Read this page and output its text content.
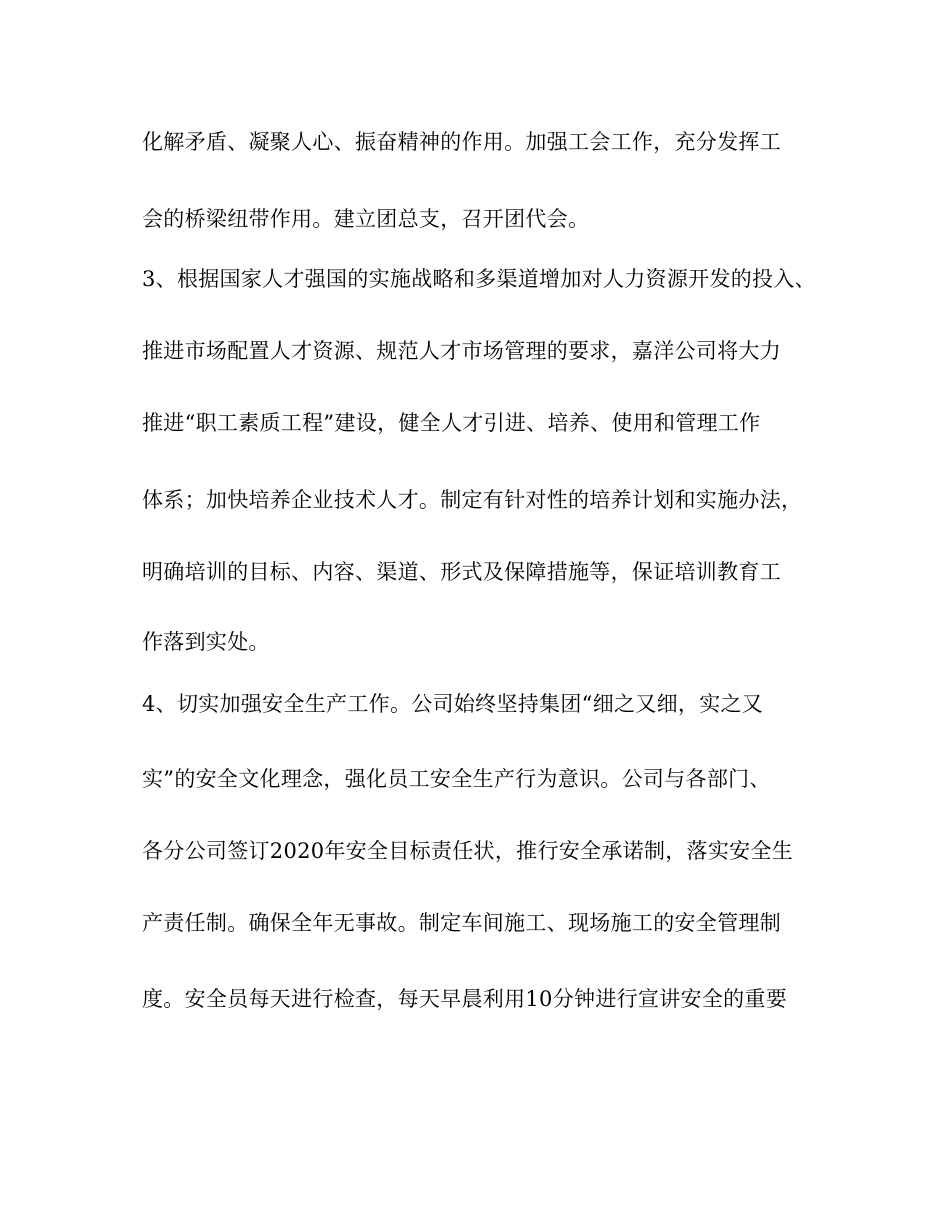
化解矛盾、凝聚人心、振奋精神的作用。加强工会工作，充分发挥工
会的桥梁纽带作用。建立团总支，召开团代会。
3、根据国家人才强国的实施战略和多渠道增加对人力资源开发的投入、
推进市场配置人才资源、规范人才市场管理的要求，嘉洋公司将大力
推进“职工素质工程”建设，健全人才引进、培养、使用和管理工作
体系；加快培养企业技术人才。制定有针对性的培养计划和实施办法，
明确培训的目标、内容、渠道、形式及保障措施等，保证培训教育工
作落到实处。
4、切实加强安全生产工作。公司始终坚持集团“细之又细，实之又
实”的安全文化理念，强化员工安全生产行为意识。公司与各部门、
各分公司签订2020年安全目标责任状，推行安全承诺制，落实安全生
产责任制。确保全年无事故。制定车间施工、现场施工的安全管理制
度。安全员每天进行检查，每天早晨利用10分钟进行宣讲安全的重要
